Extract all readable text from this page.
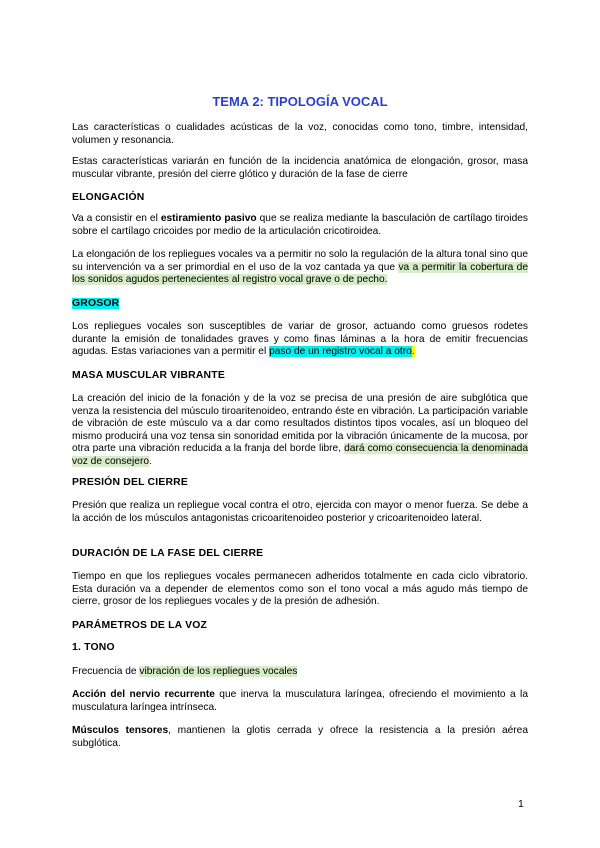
TEMA 2: TIPOLOGÍA VOCAL
Las características o cualidades acústicas de la voz, conocidas como tono, timbre, intensidad, volumen y resonancia.
Estas características variarán en función de la incidencia anatómica de elongación, grosor, masa muscular vibrante, presión del cierre glótico y duración de la fase de cierre
ELONGACIÓN
Va a consistir en el estiramiento pasivo que se realiza mediante la basculación de cartílago tiroides sobre el cartílago cricoides por medio de la articulación cricotiroidea.
La elongación de los repliegues vocales va a permitir no solo la regulación de la altura tonal sino que su intervención va a ser primordial en el uso de la voz cantada ya que va a permitir la cobertura de los sonidos agudos pertenecientes al registro vocal grave o de pecho.
GROSOR
Los repliegues vocales son susceptibles de variar de grosor, actuando como gruesos rodetes durante la emisión de tonalidades graves y como finas láminas a la hora de emitir frecuencias agudas. Estas variaciones van a permitir el paso de un registro vocal a otro.
MASA MUSCULAR VIBRANTE
La creación del inicio de la fonación y de la voz se precisa de una presión de aire subglótica que venza la resistencia del músculo tiroaritenoideo, entrando éste en vibración. La participación variable de vibración de este músculo va a dar como resultados distintos tipos vocales, así un bloqueo del mismo producirá una voz tensa sin sonoridad emitida por la vibración únicamente de la mucosa, por otra parte una vibración reducida a la franja del borde libre, dará como consecuencia la denominada voz de consejero.
PRESIÓN DEL CIERRE
Presión que realiza un repliegue vocal contra el otro, ejercida con mayor o menor fuerza. Se debe a la acción de los músculos antagonistas cricoaritenoideo posterior y cricoaritenoideo lateral.
DURACIÓN DE LA FASE DEL CIERRE
Tiempo en que los repliegues vocales permanecen adheridos totalmente en cada ciclo vibratorio. Esta duración va a depender de elementos como son el tono vocal a más agudo más tiempo de cierre, grosor de los repliegues vocales y de la presión de adhesión.
PARÁMETROS DE LA VOZ
1. TONO
Frecuencia de vibración de los repliegues vocales
Acción del nervio recurrente que inerva la musculatura laríngea, ofreciendo el movimiento a la musculatura laríngea intrínseca.
Músculos tensores, mantienen la glotis cerrada y ofrece la resistencia a la presión aérea subglótica.
1
